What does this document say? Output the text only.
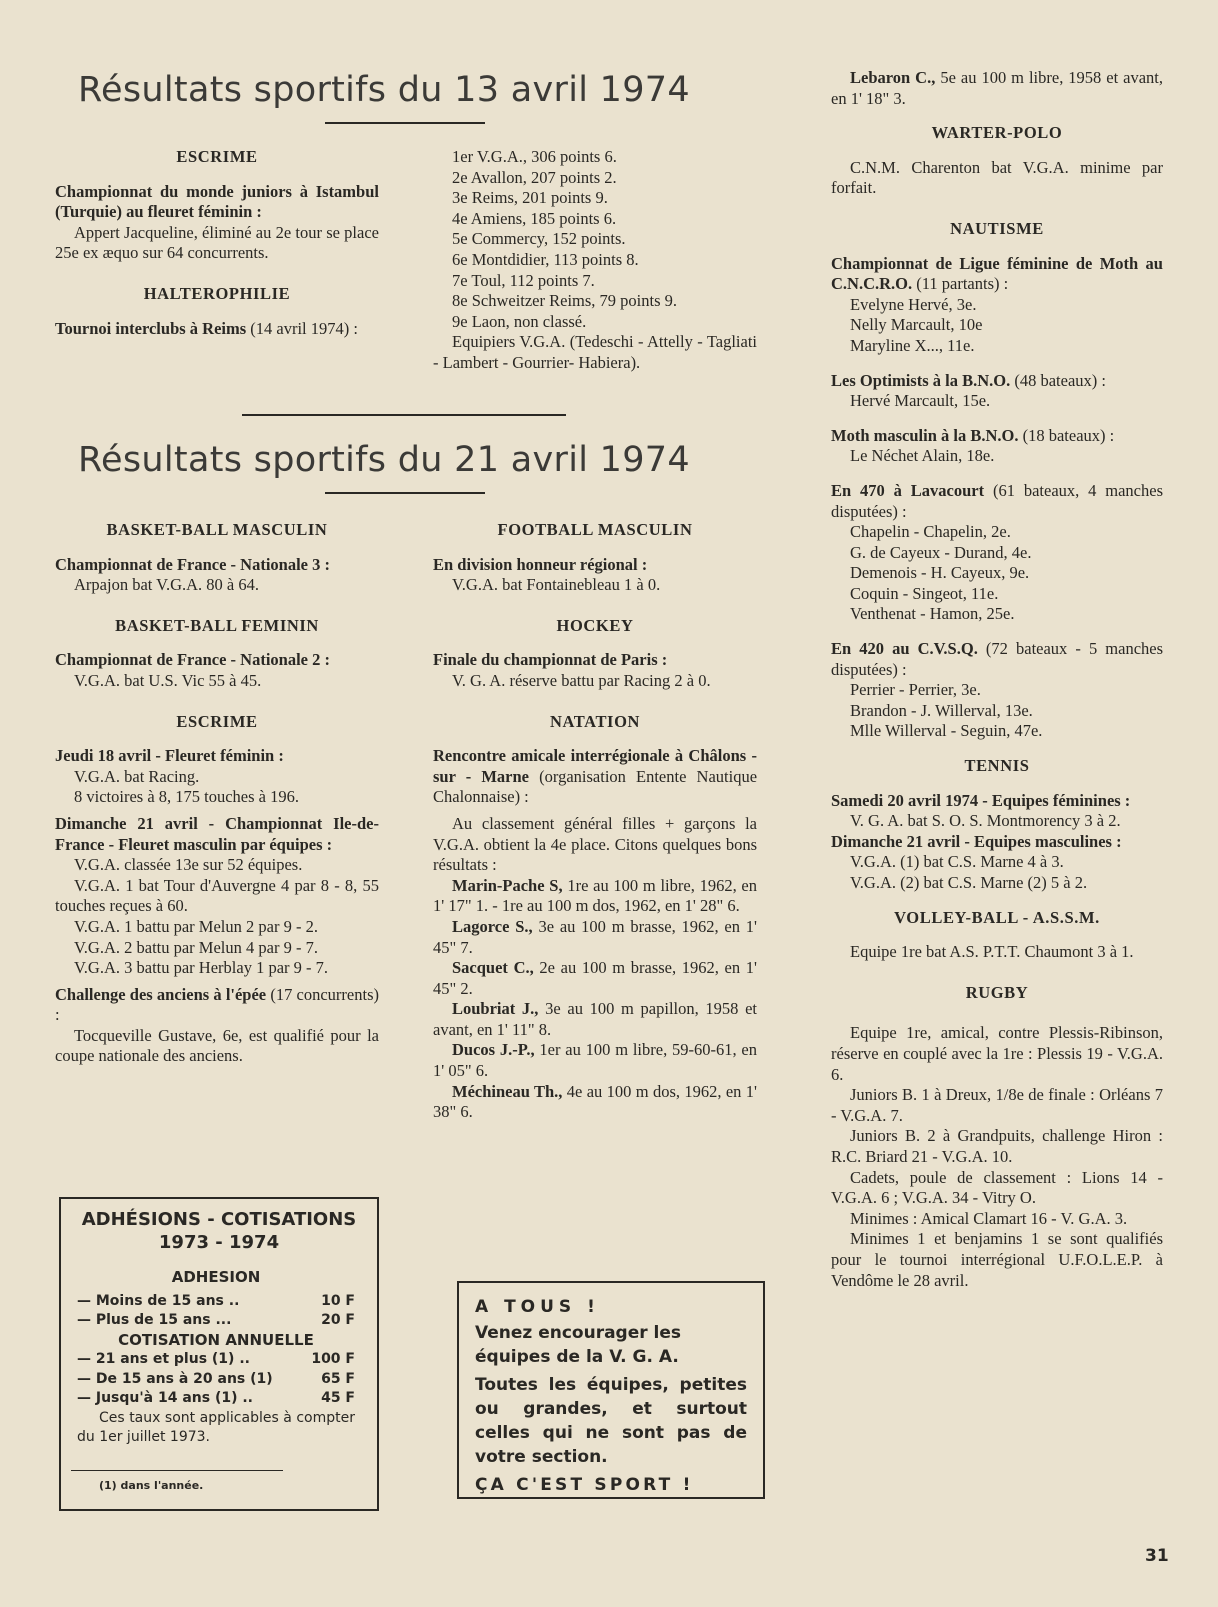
Résultats sportifs du 13 avril 1974
Résultats sportifs du 21 avril 1974

ESCRIME

Championnat du monde juniors à Istambul (Turquie) au fleuret féminin :

Appert Jacqueline, éliminé au 2e tour se place 25e ex æquo sur 64 concurrents.

HALTEROPHILIE

Tournoi interclubs à Reims (14 avril 1974) :

1er V.G.A., 306 points 6.

2e Avallon, 207 points 2.

3e Reims, 201 points 9.

4e Amiens, 185 points 6.

5e Commercy, 152 points.

6e Montdidier, 113 points 8.

7e Toul, 112 points 7.

8e Schweitzer Reims, 79 points 9.

9e Laon, non classé.

Equipiers V.G.A. (Tedeschi - Attelly - Tagliati - Lambert - Gourrier- Habiera).

BASKET-BALL MASCULIN

Championnat de France - Nationale 3 :

Arpajon bat V.G.A. 80 à 64.

BASKET-BALL FEMININ

Championnat de France - Nationale 2 :

V.G.A. bat U.S. Vic 55 à 45.

ESCRIME

Jeudi 18 avril - Fleuret féminin :

V.G.A. bat Racing.

8 victoires à 8, 175 touches à 196.

Dimanche 21 avril - Championnat Ile-de-France - Fleuret masculin par équipes :

V.G.A. classée 13e sur 52 équipes.

V.G.A. 1 bat Tour d'Auvergne 4 par 8 - 8, 55 touches reçues à 60.

V.G.A. 1 battu par Melun 2 par 9 - 2.

V.G.A. 2 battu par Melun 4 par 9 - 7.

V.G.A. 3 battu par Herblay 1 par 9 - 7.

Challenge des anciens à l'épée (17 concurrents) :

Tocqueville Gustave, 6e, est qualifié pour la coupe nationale des anciens.

FOOTBALL MASCULIN

En division honneur régional :

V.G.A. bat Fontainebleau 1 à 0.

HOCKEY

Finale du championnat de Paris :

V. G. A. réserve battu par Racing 2 à 0.

NATATION

Rencontre amicale interrégionale à Châlons - sur - Marne (organisation Entente Nautique Chalonnaise) :

Au classement général filles + garçons la V.G.A. obtient la 4e place. Citons quelques bons résultats :

Marin-Pache S, 1re au 100 m libre, 1962, en 1' 17" 1. - 1re au 100 m dos, 1962, en 1' 28" 6.

Lagorce S., 3e au 100 m brasse, 1962, en 1' 45" 7.

Sacquet C., 2e au 100 m brasse, 1962, en 1' 45" 2.

Loubriat J., 3e au 100 m papillon, 1958 et avant, en 1' 11" 8.

Ducos J.-P., 1er au 100 m libre, 59-60-61, en 1' 05" 6.

Méchineau Th., 4e au 100 m dos, 1962, en 1' 38" 6.

Lebaron C., 5e au 100 m libre, 1958 et avant, en 1' 18" 3.

WARTER-POLO

C.N.M. Charenton bat V.G.A. minime par forfait.

NAUTISME

Championnat de Ligue féminine de Moth au C.N.C.R.O. (11 partants) :

Evelyne Hervé, 3e.

Nelly Marcault, 10e

Maryline X..., 11e.

Les Optimists à la B.N.O. (48 bateaux) :

Hervé Marcault, 15e.

Moth masculin à la B.N.O. (18 bateaux) :

Le Néchet Alain, 18e.

En 470 à Lavacourt (61 bateaux, 4 manches disputées) :

Chapelin - Chapelin, 2e.

G. de Cayeux - Durand, 4e.

Demenois - H. Cayeux, 9e.

Coquin - Singeot, 11e.

Venthenat - Hamon, 25e.

En 420 au C.V.S.Q. (72 bateaux - 5 manches disputées) :

Perrier - Perrier, 3e.

Brandon - J. Willerval, 13e.

Mlle Willerval - Seguin, 47e.

TENNIS

Samedi 20 avril 1974 - Equipes féminines :

V. G. A. bat S. O. S. Montmorency 3 à 2.

Dimanche 21 avril - Equipes masculines :

V.G.A. (1) bat C.S. Marne 4 à 3.

V.G.A. (2) bat C.S. Marne (2) 5 à 2.

VOLLEY-BALL - A.S.S.M.

Equipe 1re bat A.S. P.T.T. Chaumont 3 à 1.

RUGBY

Equipe 1re, amical, contre Plessis-Ribinson, réserve en couplé avec la 1re : Plessis 19 - V.G.A. 6.

Juniors B. 1 à Dreux, 1/8e de finale : Orléans 7 - V.G.A. 7.

Juniors B. 2 à Grandpuits, challenge Hiron : R.C. Briard 21 - V.G.A. 10.

Cadets, poule de classement : Lions 14 - V.G.A. 6 ; V.G.A. 34 - Vitry O.

Minimes : Amical Clamart 16 - V. G.A. 3.

Minimes 1 et benjamins 1 se sont qualifiés pour le tournoi interrégional U.F.O.L.E.P. à Vendôme le 28 avril.

ADHÉSIONS - COTISATIONS
1973 - 1974
ADHESION
— Moins de 15 ans ..	10 F
— Plus de 15 ans ...	20 F
COTISATION ANNUELLE
— 21 ans et plus (1) ..	100 F
— De 15 ans à 20 ans (1)	65 F
— Jusqu'à 14 ans (1) ..	45 F
Ces taux sont applicables à compter du 1er juillet 1973.
(1) dans l'année.
A TOUS !
Venez encourager les équipes de la V. G. A.
Toutes les équipes, petites ou grandes, et surtout celles qui ne sont pas de votre section.
ÇA C'EST SPORT !
31
